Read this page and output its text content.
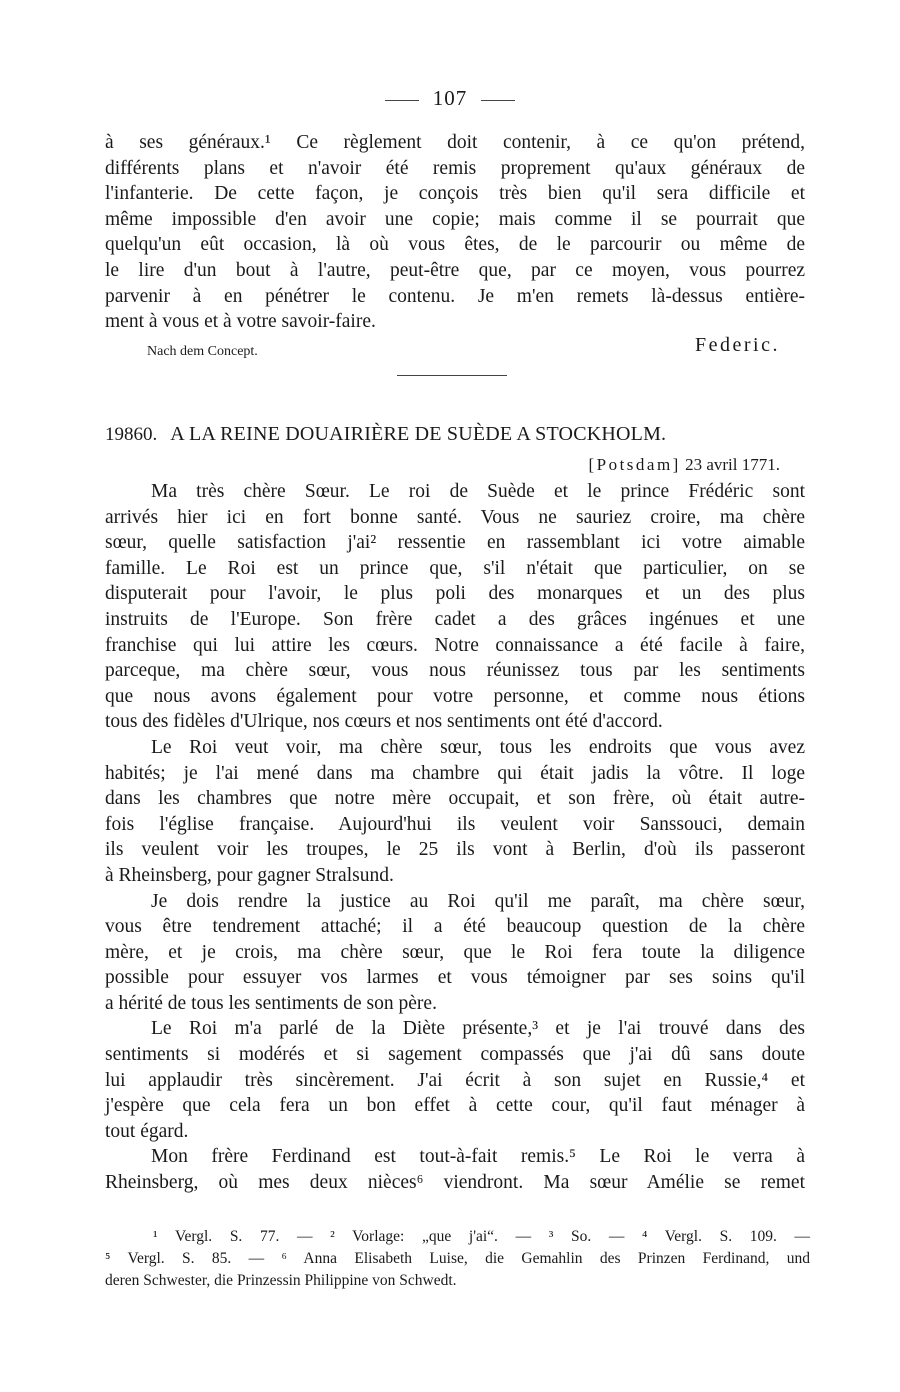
107
à ses généraux.¹ Ce règlement doit contenir, à ce qu'on prétend,
différents plans et n'avoir été remis proprement qu'aux généraux de
l'infanterie. De cette façon, je conçois très bien qu'il sera difficile et
même impossible d'en avoir une copie; mais comme il se pourrait que
quelqu'un eût occasion, là où vous êtes, de le parcourir ou même de
le lire d'un bout à l'autre, peut-être que, par ce moyen, vous pourrez
parvenir à en pénétrer le contenu. Je m'en remets là-dessus entière-
ment à vous et à votre savoir-faire.
Nach dem Concept.	Federic.
19860. A LA REINE DOUAIRIÈRE DE SUÈDE A STOCKHOLM.
[Potsdam] 23 avril 1771.
Ma très chère Sœur. Le roi de Suède et le prince Frédéric sont
arrivés hier ici en fort bonne santé. Vous ne sauriez croire, ma chère
sœur, quelle satisfaction j'ai² ressentie en rassemblant ici votre aimable
famille. Le Roi est un prince que, s'il n'était que particulier, on se
disputerait pour l'avoir, le plus poli des monarques et un des plus
instruits de l'Europe. Son frère cadet a des grâces ingénues et une
franchise qui lui attire les cœurs. Notre connaissance a été facile à faire,
parceque, ma chère sœur, vous nous réunissez tous par les sentiments
que nous avons également pour votre personne, et comme nous étions
tous des fidèles d'Ulrique, nos cœurs et nos sentiments ont été d'accord.
Le Roi veut voir, ma chère sœur, tous les endroits que vous avez
habités; je l'ai mené dans ma chambre qui était jadis la vôtre. Il loge
dans les chambres que notre mère occupait, et son frère, où était autre-
fois l'église française. Aujourd'hui ils veulent voir Sanssouci, demain
ils veulent voir les troupes, le 25 ils vont à Berlin, d'où ils passeront
à Rheinsberg, pour gagner Stralsund.
Je dois rendre la justice au Roi qu'il me paraît, ma chère sœur,
vous être tendrement attaché; il a été beaucoup question de la chère
mère, et je crois, ma chère sœur, que le Roi fera toute la diligence
possible pour essuyer vos larmes et vous témoigner par ses soins qu'il
a hérité de tous les sentiments de son père.
Le Roi m'a parlé de la Diète présente,³ et je l'ai trouvé dans des
sentiments si modérés et si sagement compassés que j'ai dû sans doute
lui applaudir très sincèrement. J'ai écrit à son sujet en Russie,⁴ et
j'espère que cela fera un bon effet à cette cour, qu'il faut ménager à
tout égard.
Mon frère Ferdinand est tout-à-fait remis.⁵ Le Roi le verra à
Rheinsberg, où mes deux nièces⁶ viendront. Ma sœur Amélie se remet
¹ Vergl. S. 77. — ² Vorlage: „que j'ai“. — ³ So. — ⁴ Vergl. S. 109. —
⁵ Vergl. S. 85. — ⁶ Anna Elisabeth Luise, die Gemahlin des Prinzen Ferdinand, und
deren Schwester, die Prinzessin Philippine von Schwedt.
